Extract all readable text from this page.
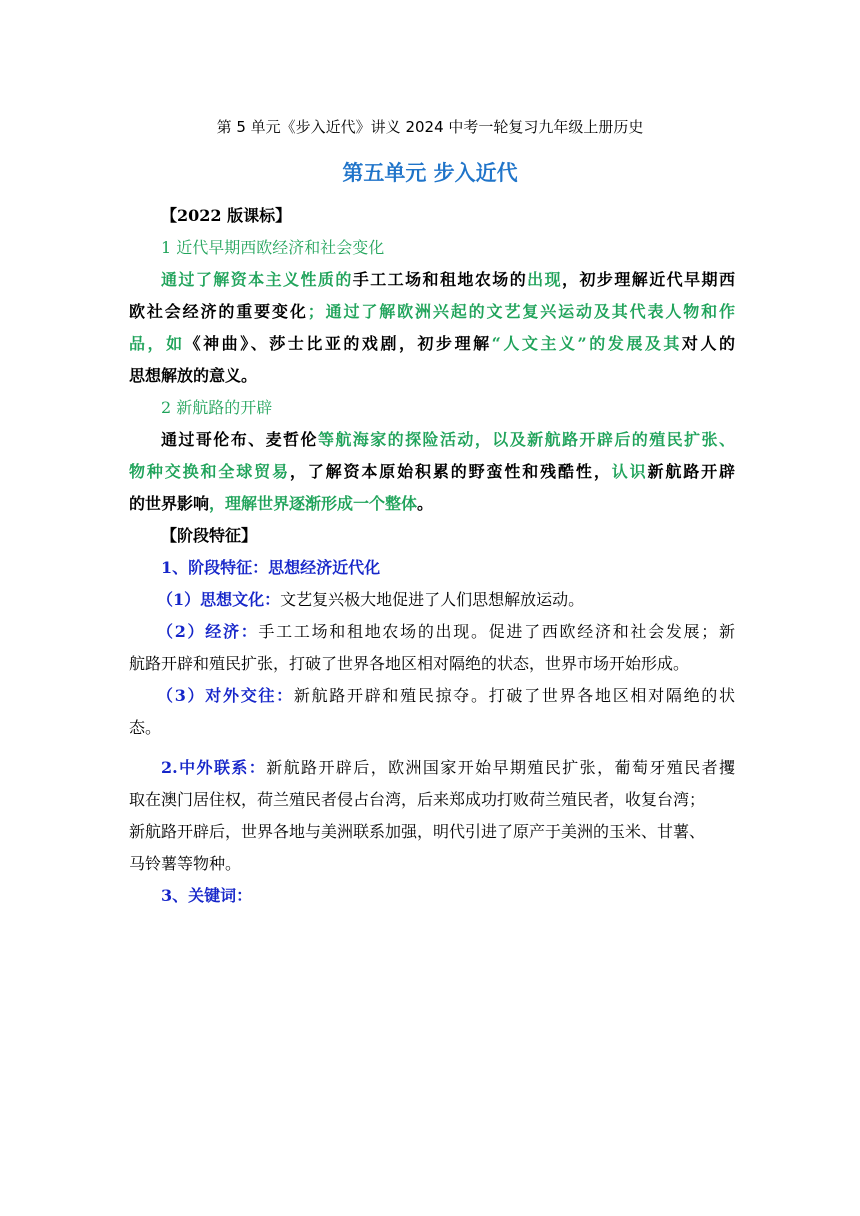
第 5 单元《步入近代》讲义 2024 中考一轮复习九年级上册历史
第五单元 步入近代
【2022 版课标】
1 近代早期西欧经济和社会变化
通过了解资本主义性质的手工工场和租地农场的出现，初步理解近代早期西
欧社会经济的重要变化；通过了解欧洲兴起的文艺复兴运动及其代表人物和作
品，如《神曲》、莎士比亚的戏剧，初步理解“人文主义”的发展及其对人的
思想解放的意义。
2 新航路的开辟
通过哥伦布、麦哲伦等航海家的探险活动，以及新航路开辟后的殖民扩张、
物种交换和全球贸易，了解资本原始积累的野蛮性和残酷性，认识新航路开辟
的世界影响，理解世界逐渐形成一个整体。
【阶段特征】
1、阶段特征：思想经济近代化
（1）思想文化：文艺复兴极大地促进了人们思想解放运动。
（2）经济：手工工场和租地农场的出现。促进了西欧经济和社会发展；新
航路开辟和殖民扩张，打破了世界各地区相对隔绝的状态，世界市场开始形成。
（3）对外交往：新航路开辟和殖民掠夺。打破了世界各地区相对隔绝的状
态。
2.中外联系：新航路开辟后，欧洲国家开始早期殖民扩张，葡萄牙殖民者攫
取在澳门居住权，荷兰殖民者侵占台湾，后来郑成功打败荷兰殖民者，收复台湾；
新航路开辟后，世界各地与美洲联系加强，明代引进了原产于美洲的玉米、甘薯、
马铃薯等物种。
3、关键词：
